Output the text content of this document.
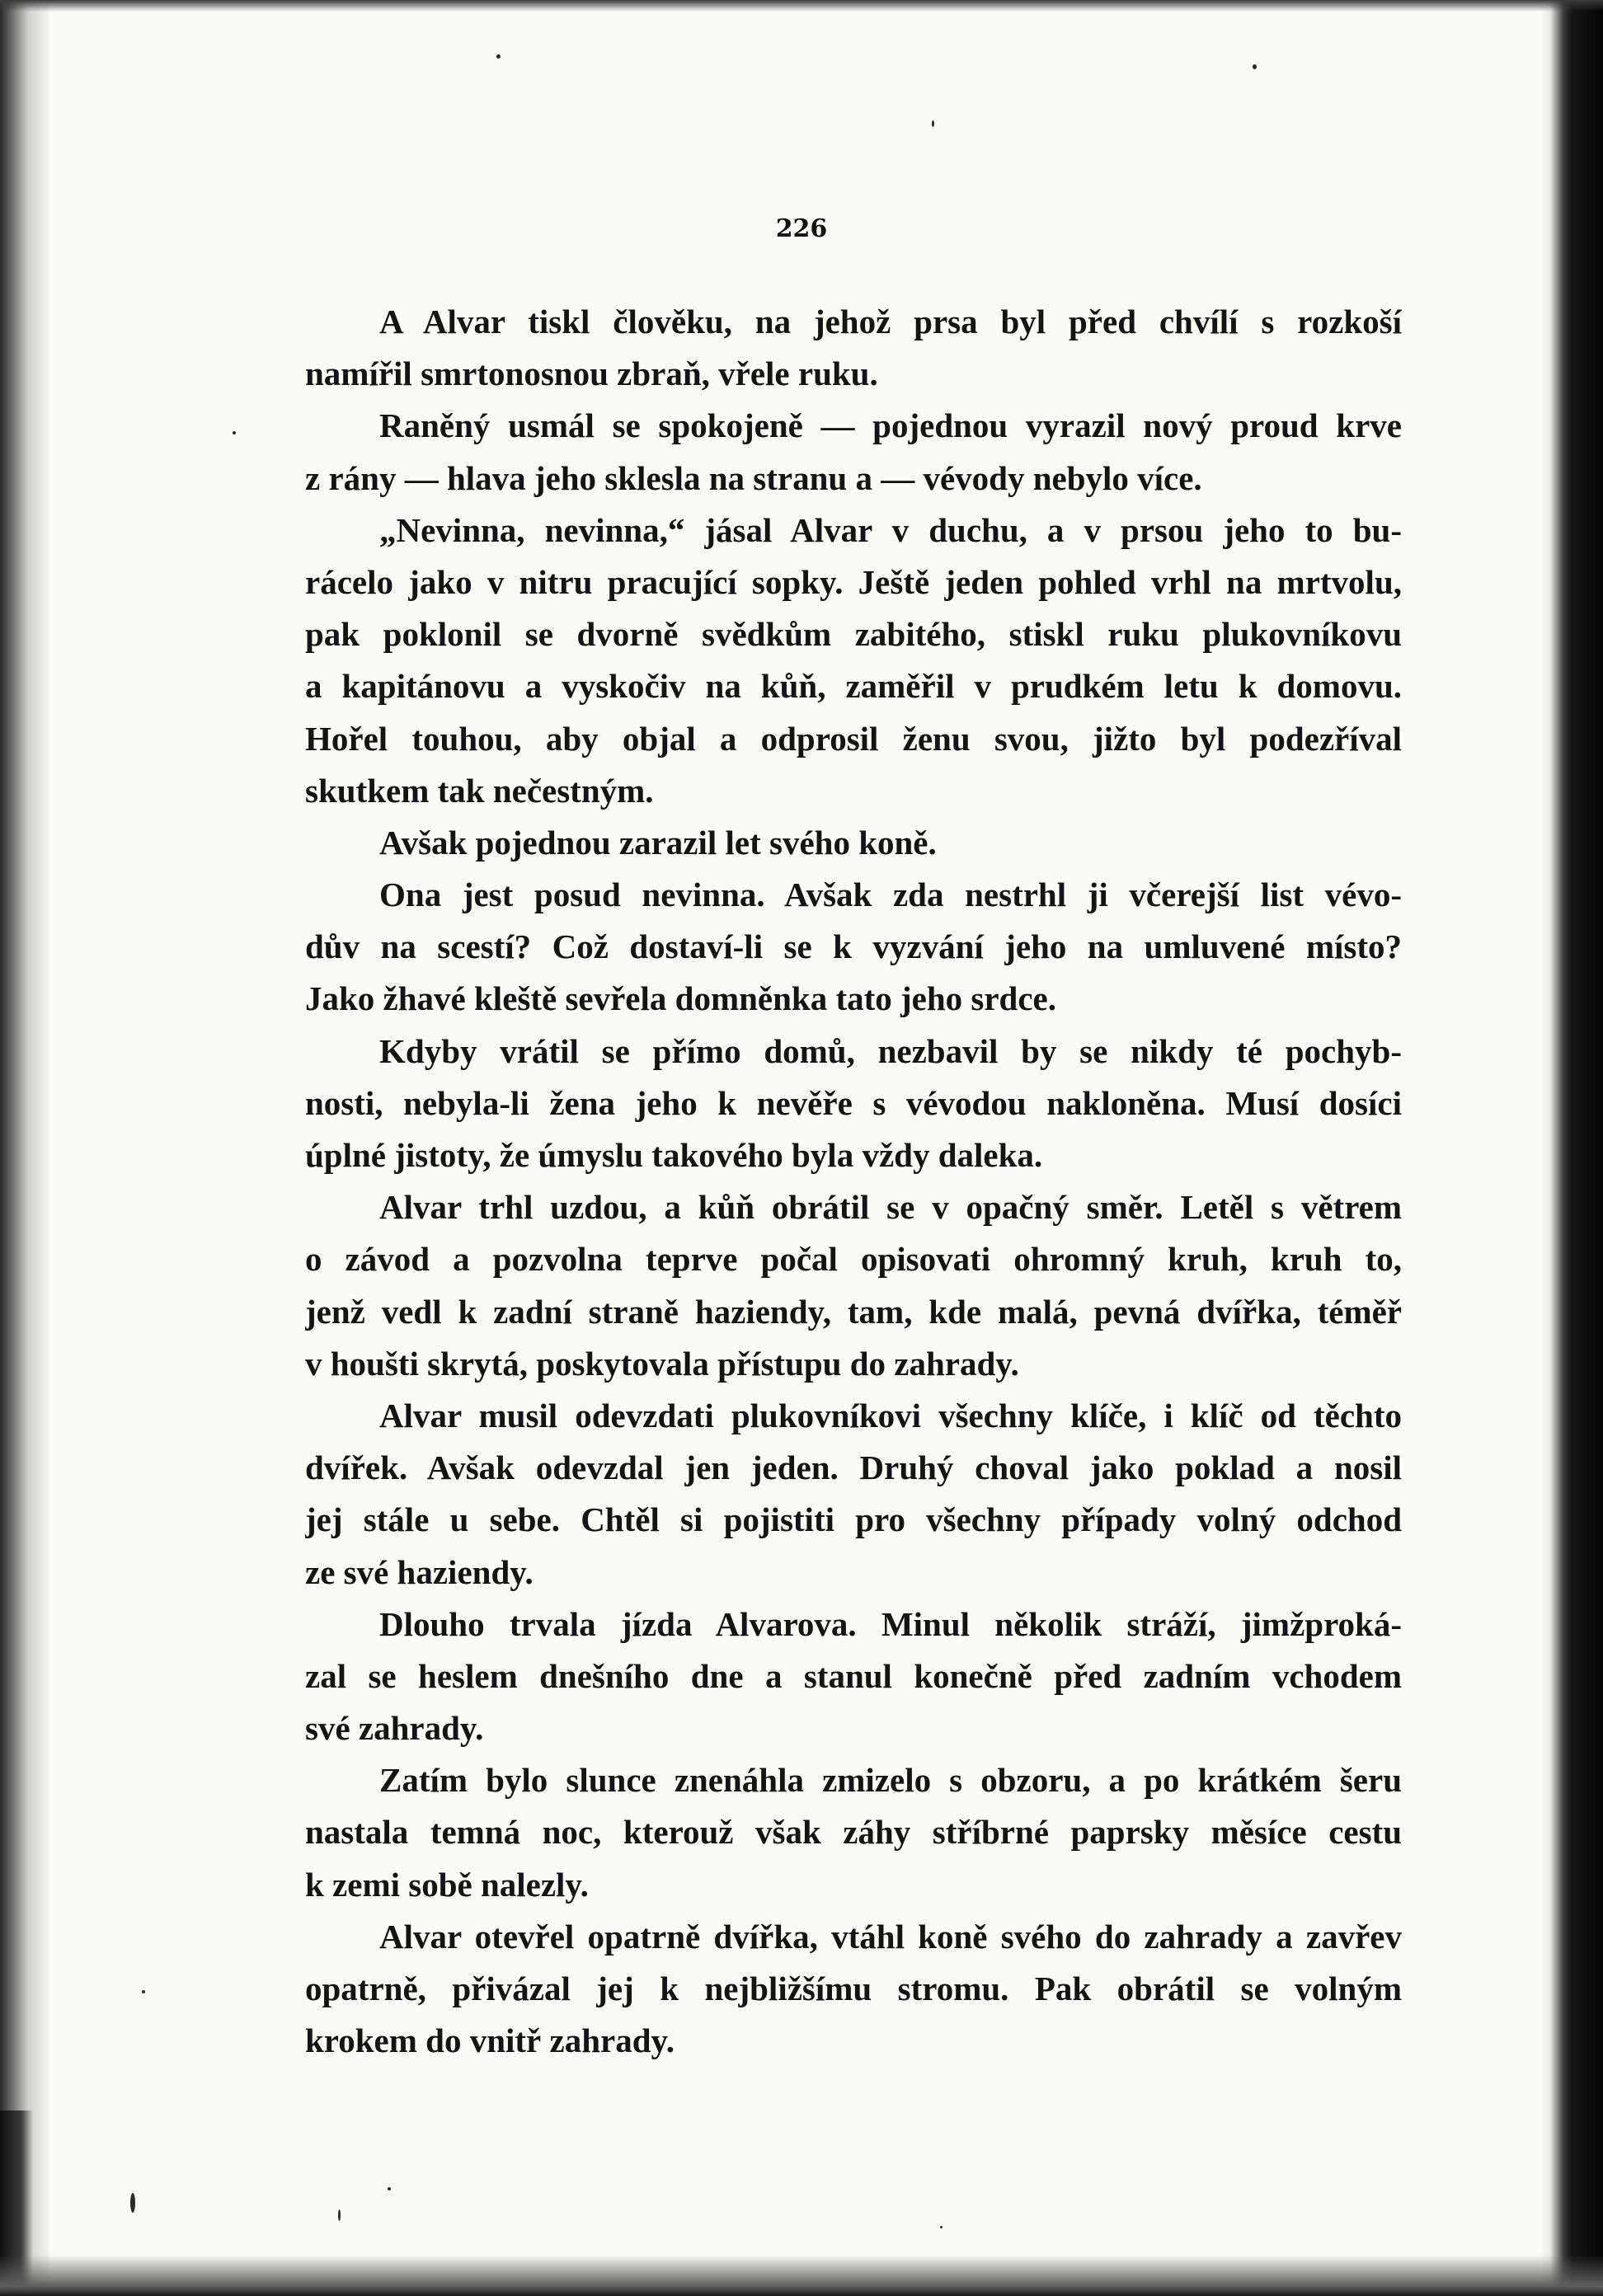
226

A Alvar tiskl člověku, na jehož prsa byl před chvílí s rozkoší
namířil smrtonosnou zbraň, vřele ruku.
Raněný usmál se spokojeně — pojednou vyrazil nový proud krve
z rány — hlava jeho sklesla na stranu a — vévody nebylo více.
„Nevinna, nevinna,“ jásal Alvar v duchu, a v prsou jeho to bu-
rácelo jako v nitru pracující sopky. Ještě jeden pohled vrhl na mrtvolu,
pak poklonil se dvorně svědkům zabitého, stiskl ruku plukovníkovu
a kapitánovu a vyskočiv na kůň, zaměřil v prudkém letu k domovu.
Hořel touhou, aby objal a odprosil ženu svou, jižto byl podezříval
skutkem tak nečestným.
Avšak pojednou zarazil let svého koně.
Ona jest posud nevinna. Avšak zda nestrhl ji včerejší list vévo-
dův na scestí? Což dostaví-li se k vyzvání jeho na umluvené místo?
Jako žhavé kleště sevřela domněnka tato jeho srdce.
Kdyby vrátil se přímo domů, nezbavil by se nikdy té pochyb-
nosti, nebyla-li žena jeho k nevěře s vévodou nakloněna. Musí dosíci
úplné jistoty, že úmyslu takového byla vždy daleka.
Alvar trhl uzdou, a kůň obrátil se v opačný směr. Letěl s větrem
o závod a pozvolna teprve počal opisovati ohromný kruh, kruh to,
jenž vedl k zadní straně haziendy, tam, kde malá, pevná dvířka, téměř
v houšti skrytá, poskytovala přístupu do zahrady.
Alvar musil odevzdati plukovníkovi všechny klíče, i klíč od těchto
dvířek. Avšak odevzdal jen jeden. Druhý choval jako poklad a nosil
jej stále u sebe. Chtěl si pojistiti pro všechny případy volný odchod
ze své haziendy.
Dlouho trvala jízda Alvarova. Minul několik stráží, jimžproká-
zal se heslem dnešního dne a stanul konečně před zadním vchodem
své zahrady.
Zatím bylo slunce znenáhla zmizelo s obzoru, a po krátkém šeru
nastala temná noc, kterouž však záhy stříbrné paprsky měsíce cestu
k zemi sobě nalezly.
Alvar otevřel opatrně dvířka, vtáhl koně svého do zahrady a zavřev
opatrně, přivázal jej k nejbližšímu stromu. Pak obrátil se volným
krokem do vnitř zahrady.
